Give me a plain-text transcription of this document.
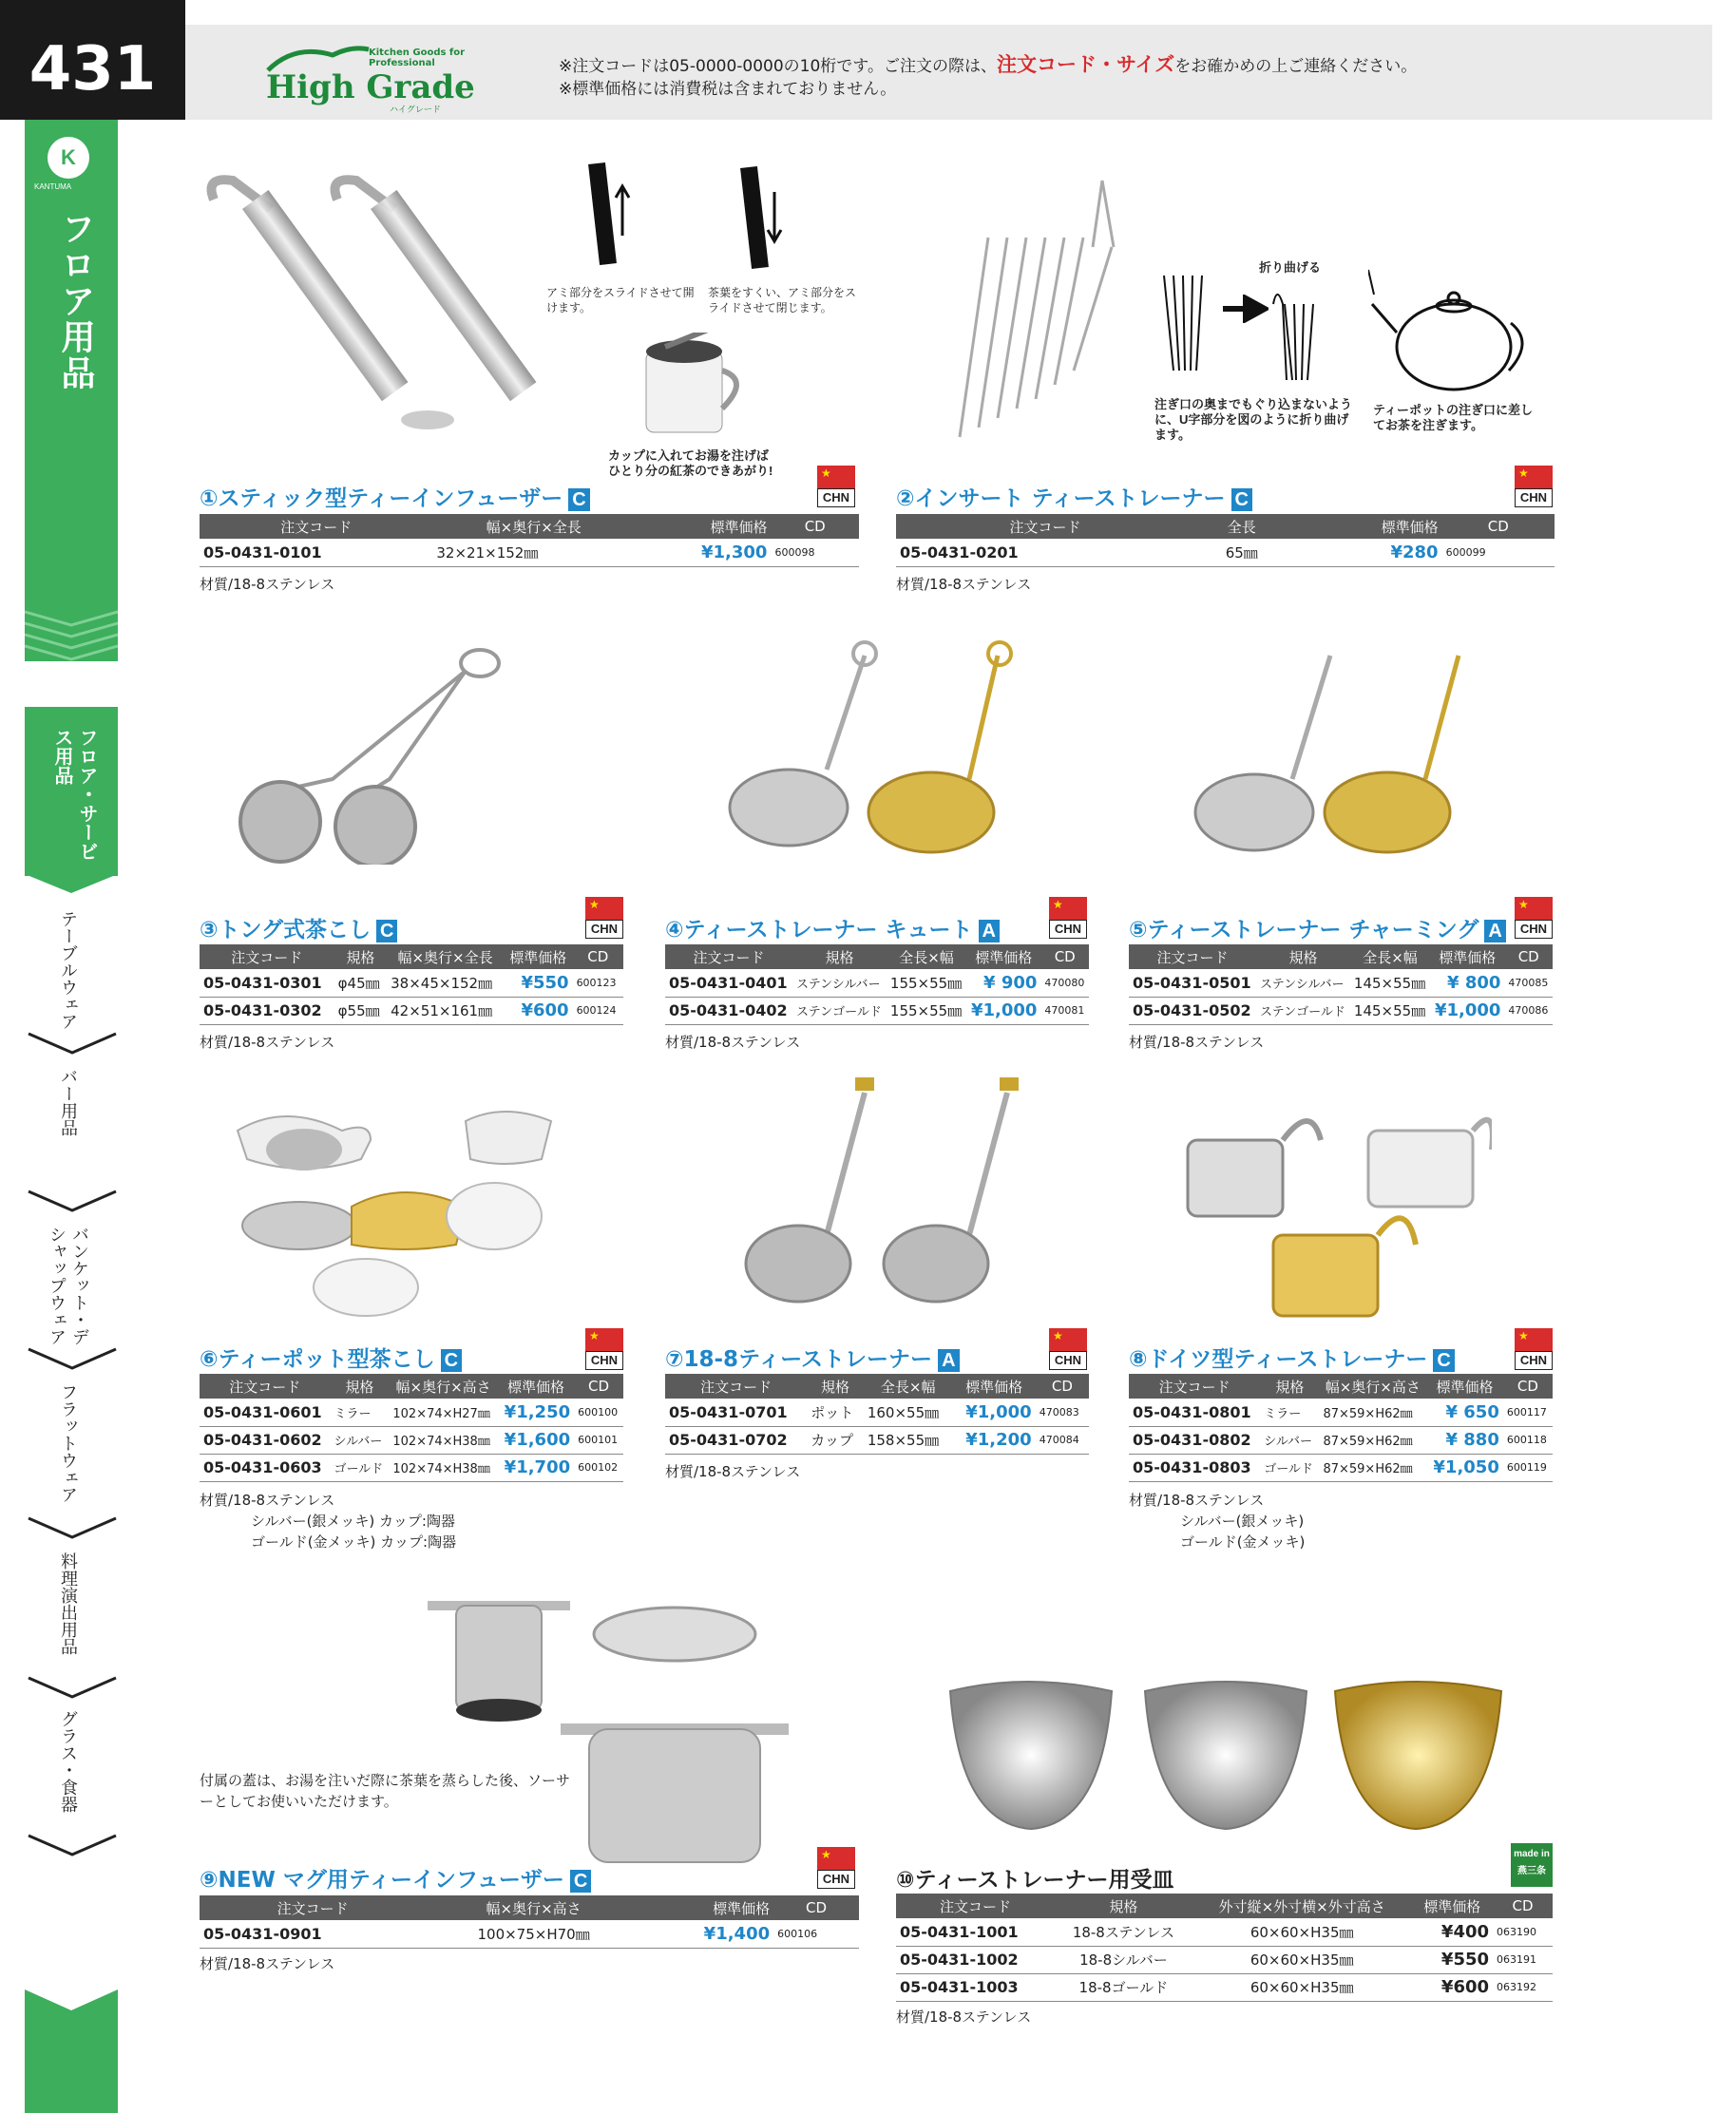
431	Kitchen Goods for Professional
High Grade
ハイグレード
※注文コードは05-0000-0000の10桁です。ご注文の際は、注文コード・サイズをお確かめの上ご連絡ください。
※標準価格には消費税は含まれておりません。
K
KANTUMA
フロア用品
フロア・サービス用品
テーブルウェア
バー用品
バンケット・デシャップウェア
フラットウェア
料理演出用品
グラス・食器
アミ部分をスライドさせて開けます。
茶葉をすくい、アミ部分をスライドさせて閉じます。
カップに入れてお湯を注げばひとり分の紅茶のできあがり!
折り曲げる
注ぎ口の奥までもぐり込まないように、U字部分を図のように折り曲げます。
ティーポットの注ぎ口に差してお茶を注ぎます。
①スティック型ティーインフューザー C
★	CHN
注文コード	幅×奥行×全長	標準価格	CD
05-0431-0101	32×21×152㎜	¥1,300	600098
材質/18-8ステンレス
②インサート ティーストレーナー C
★	CHN
注文コード	全長	標準価格	CD
05-0431-0201	65㎜	¥280	600099
材質/18-8ステンレス
③トング式茶こし C
★	CHN
注文コード	規格	幅×奥行×全長	標準価格	CD
05-0431-0301	φ45㎜	38×45×152㎜	¥550	600123
05-0431-0302	φ55㎜	42×51×161㎜	¥600	600124
材質/18-8ステンレス
④ティーストレーナー キュート A
★	CHN
注文コード	規格	全長×幅	標準価格	CD
05-0431-0401	ステンシルバー	155×55㎜	¥ 900	470080
05-0431-0402	ステンゴールド	155×55㎜	¥1,000	470081
材質/18-8ステンレス
⑤ティーストレーナー チャーミング A
★	CHN
注文コード	規格	全長×幅	標準価格	CD
05-0431-0501	ステンシルバー	145×55㎜	¥ 800	470085
05-0431-0502	ステンゴールド	145×55㎜	¥1,000	470086
材質/18-8ステンレス
⑥ティーポット型茶こし C
★	CHN
注文コード	規格	幅×奥行×高さ	標準価格	CD
05-0431-0601	ミラー	102×74×H27㎜	¥1,250	600100
05-0431-0602	シルバー	102×74×H38㎜	¥1,600	600101
05-0431-0603	ゴールド	102×74×H38㎜	¥1,700	600102
材質/18-8ステンレス
シルバー(銀メッキ) カップ:陶器
ゴールド(金メッキ) カップ:陶器
⑦18-8ティーストレーナー A
★	CHN
注文コード	規格	全長×幅	標準価格	CD
05-0431-0701	ポット	160×55㎜	¥1,000	470083
05-0431-0702	カップ	158×55㎜	¥1,200	470084
材質/18-8ステンレス
⑧ドイツ型ティーストレーナー C
★	CHN
注文コード	規格	幅×奥行×高さ	標準価格	CD
05-0431-0801	ミラー	87×59×H62㎜	¥ 650	600117
05-0431-0802	シルバー	87×59×H62㎜	¥ 880	600118
05-0431-0803	ゴールド	87×59×H62㎜	¥1,050	600119
材質/18-8ステンレス
シルバー(銀メッキ)
ゴールド(金メッキ)
付属の蓋は、お湯を注いだ際に茶葉を蒸らした後、ソーサーとしてお使いいただけます。
⑨NEW マグ用ティーインフューザー C
★	CHN
注文コード	幅×奥行×高さ	標準価格	CD
05-0431-0901	100×75×H70㎜	¥1,400	600106
材質/18-8ステンレス
⑩ティーストレーナー用受皿
made in 燕三条
注文コード	規格	外寸縦×外寸横×外寸高さ	標準価格	CD
05-0431-1001	18-8ステンレス	60×60×H35㎜	¥400	063190
05-0431-1002	18-8シルバー	60×60×H35㎜	¥550	063191
05-0431-1003	18-8ゴールド	60×60×H35㎜	¥600	063192
材質/18-8ステンレス
